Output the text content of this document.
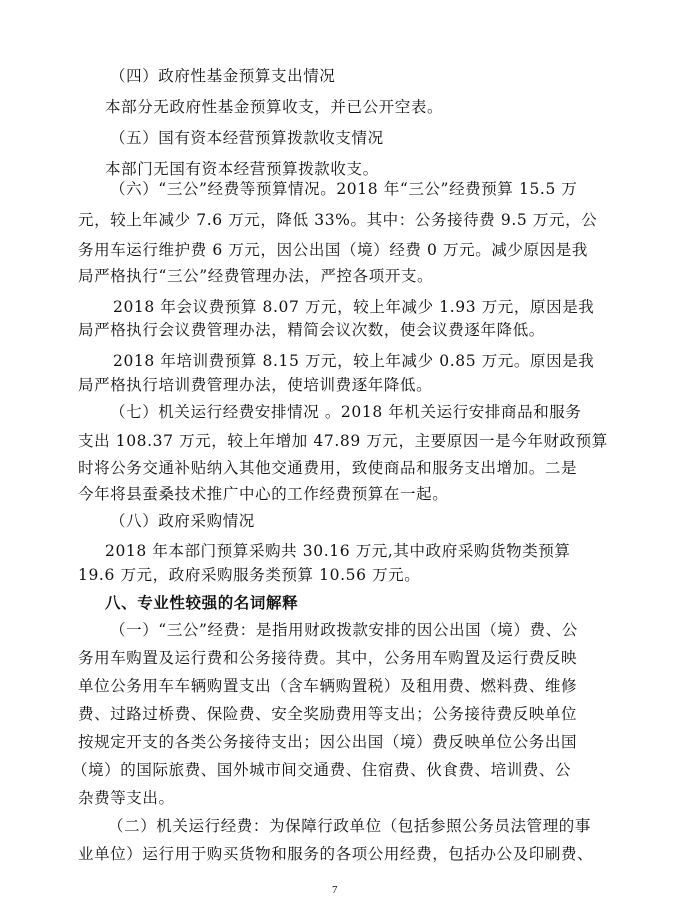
（四）政府性基金预算支出情况
本部分无政府性基金预算收支，并已公开空表。
（五）国有资本经营预算拨款收支情况
本部门无国有资本经营预算拨款收支。
（六）“三公”经费等预算情况。2018 年“三公”经费预算 15.5 万
元，较上年减少 7.6 万元，降低 33%。其中：公务接待费 9.5 万元，公
务用车运行维护费 6 万元，因公出国（境）经费 0 万元。减少原因是我
局严格执行“三公”经费管理办法，严控各项开支。
2018 年会议费预算 8.07 万元，较上年减少 1.93 万元，原因是我
局严格执行会议费管理办法，精简会议次数，使会议费逐年降低。
2018 年培训费预算 8.15 万元，较上年减少 0.85 万元。原因是我
局严格执行培训费管理办法，使培训费逐年降低。
（七）机关运行经费安排情况 。2018 年机关运行安排商品和服务
支出 108.37 万元，较上年增加 47.89 万元，主要原因一是今年财政预算
时将公务交通补贴纳入其他交通费用，致使商品和服务支出增加。二是
今年将县蚕桑技术推广中心的工作经费预算在一起。
（八）政府采购情况
2018 年本部门预算采购共 30.16 万元,其中政府采购货物类预算
19.6 万元，政府采购服务类预算 10.56 万元。
八、专业性较强的名词解释
（一）“三公”经费：是指用财政拨款安排的因公出国（境）费、公
务用车购置及运行费和公务接待费。其中，公务用车购置及运行费反映
单位公务用车车辆购置支出（含车辆购置税）及租用费、燃料费、维修
费、过路过桥费、保险费、安全奖励费用等支出；公务接待费反映单位
按规定开支的各类公务接待支出；因公出国（境）费反映单位公务出国
（境）的国际旅费、国外城市间交通费、住宿费、伙食费、培训费、公
杂费等支出。
（二）机关运行经费：为保障行政单位（包括参照公务员法管理的事
业单位）运行用于购买货物和服务的各项公用经费，包括办公及印刷费、
7
